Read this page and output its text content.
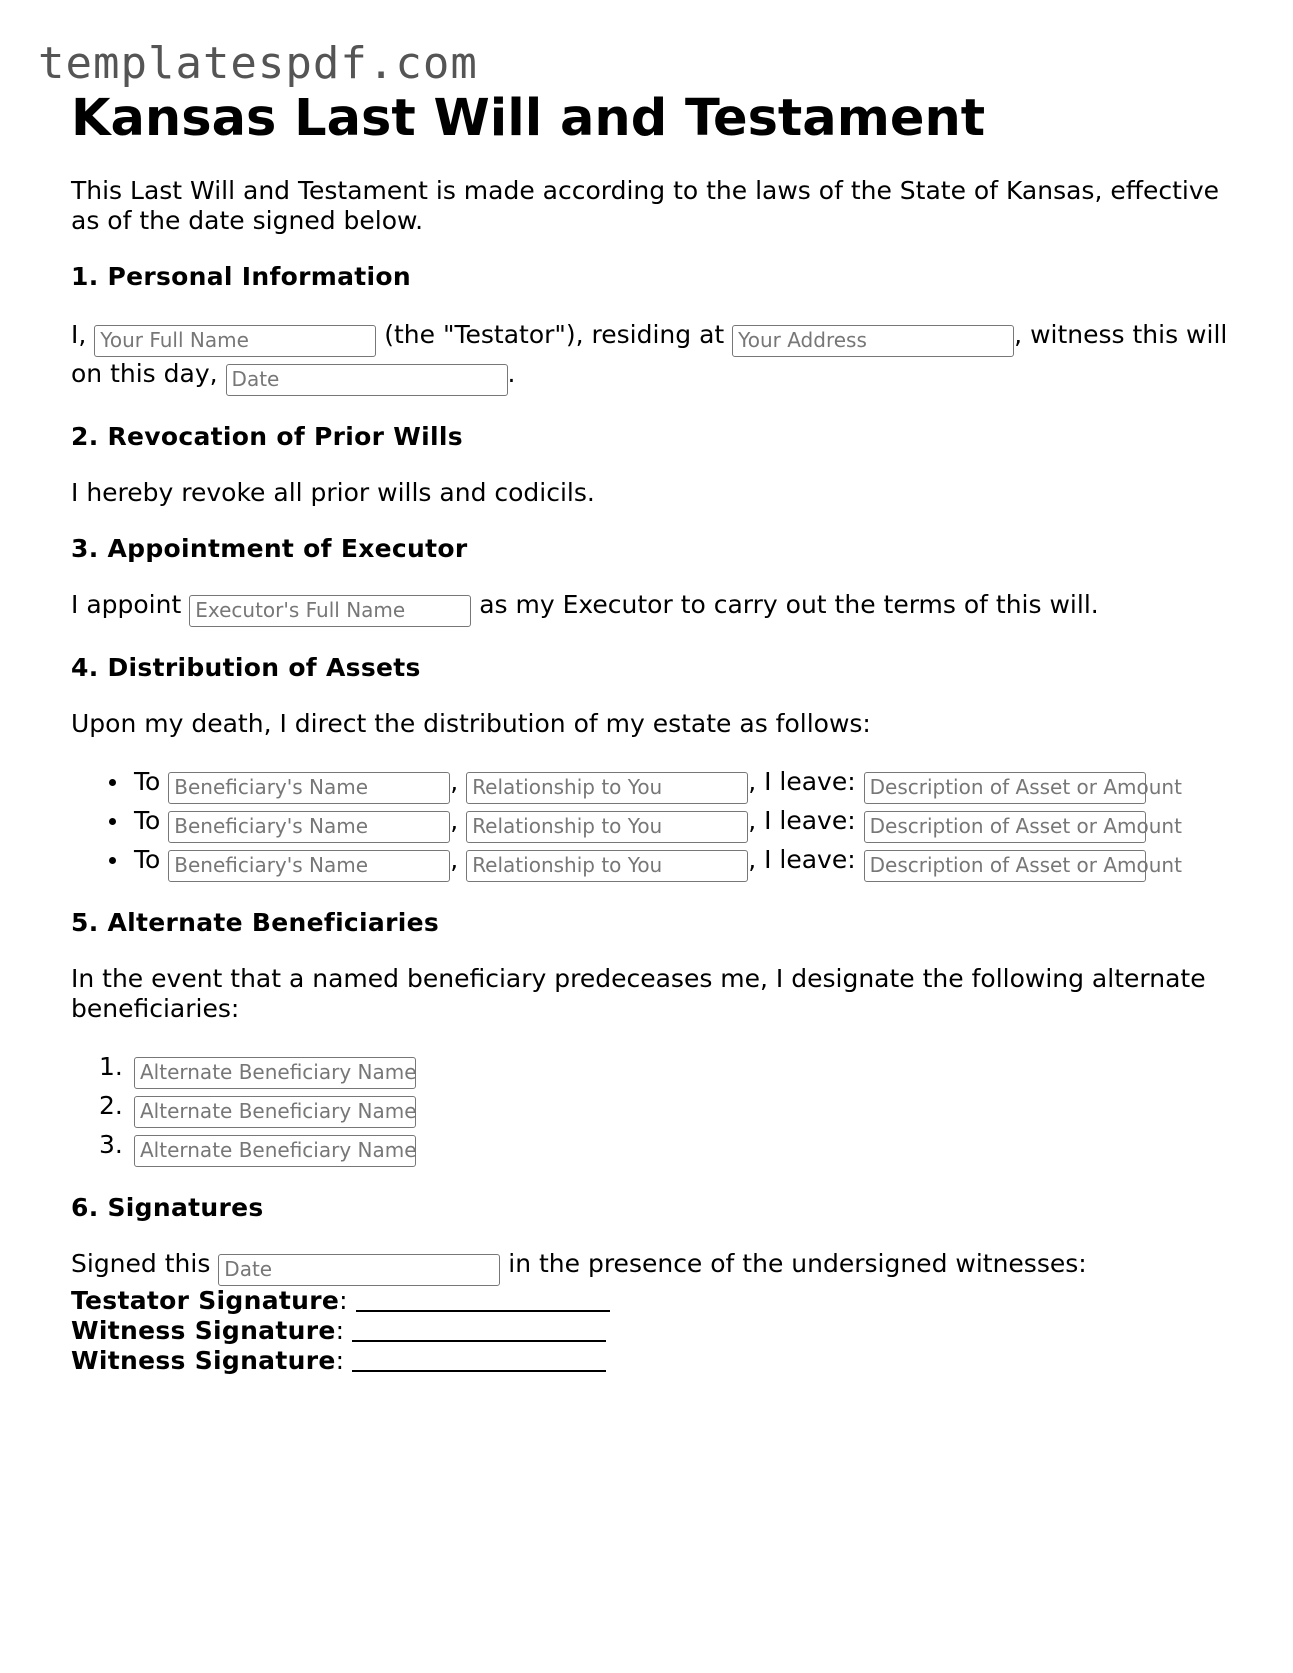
templatespdf.com
Kansas Last Will and Testament

This Last Will and Testament is made according to the laws of the State of Kansas, effective as of the date signed below.

1. Personal Information

I, Your Full Name	(the "Testator"), residing at Your Address	, witness this will on this day, Date	.

2. Revocation of Prior Wills

I hereby revoke all prior wills and codicils.

3. Appointment of Executor

I appoint Executor's Full Name	as my Executor to carry out the terms of this will.

4. Distribution of Assets

Upon my death, I direct the distribution of my estate as follows:

To Beneficiary's Name	, Relationship to You	, I leave: Description of Asset or Amount
To Beneficiary's Name	, Relationship to You	, I leave: Description of Asset or Amount
To Beneficiary's Name	, Relationship to You	, I leave: Description of Asset or Amount
5. Alternate Beneficiaries

In the event that a named beneficiary predeceases me, I designate the following alternate beneficiaries:

1. Alternate Beneficiary Name
2. Alternate Beneficiary Name
3. Alternate Beneficiary Name
6. Signatures

Signed this Date	in the presence of the undersigned witnesses:

Testator Signature:

Witness Signature:

Witness Signature:
